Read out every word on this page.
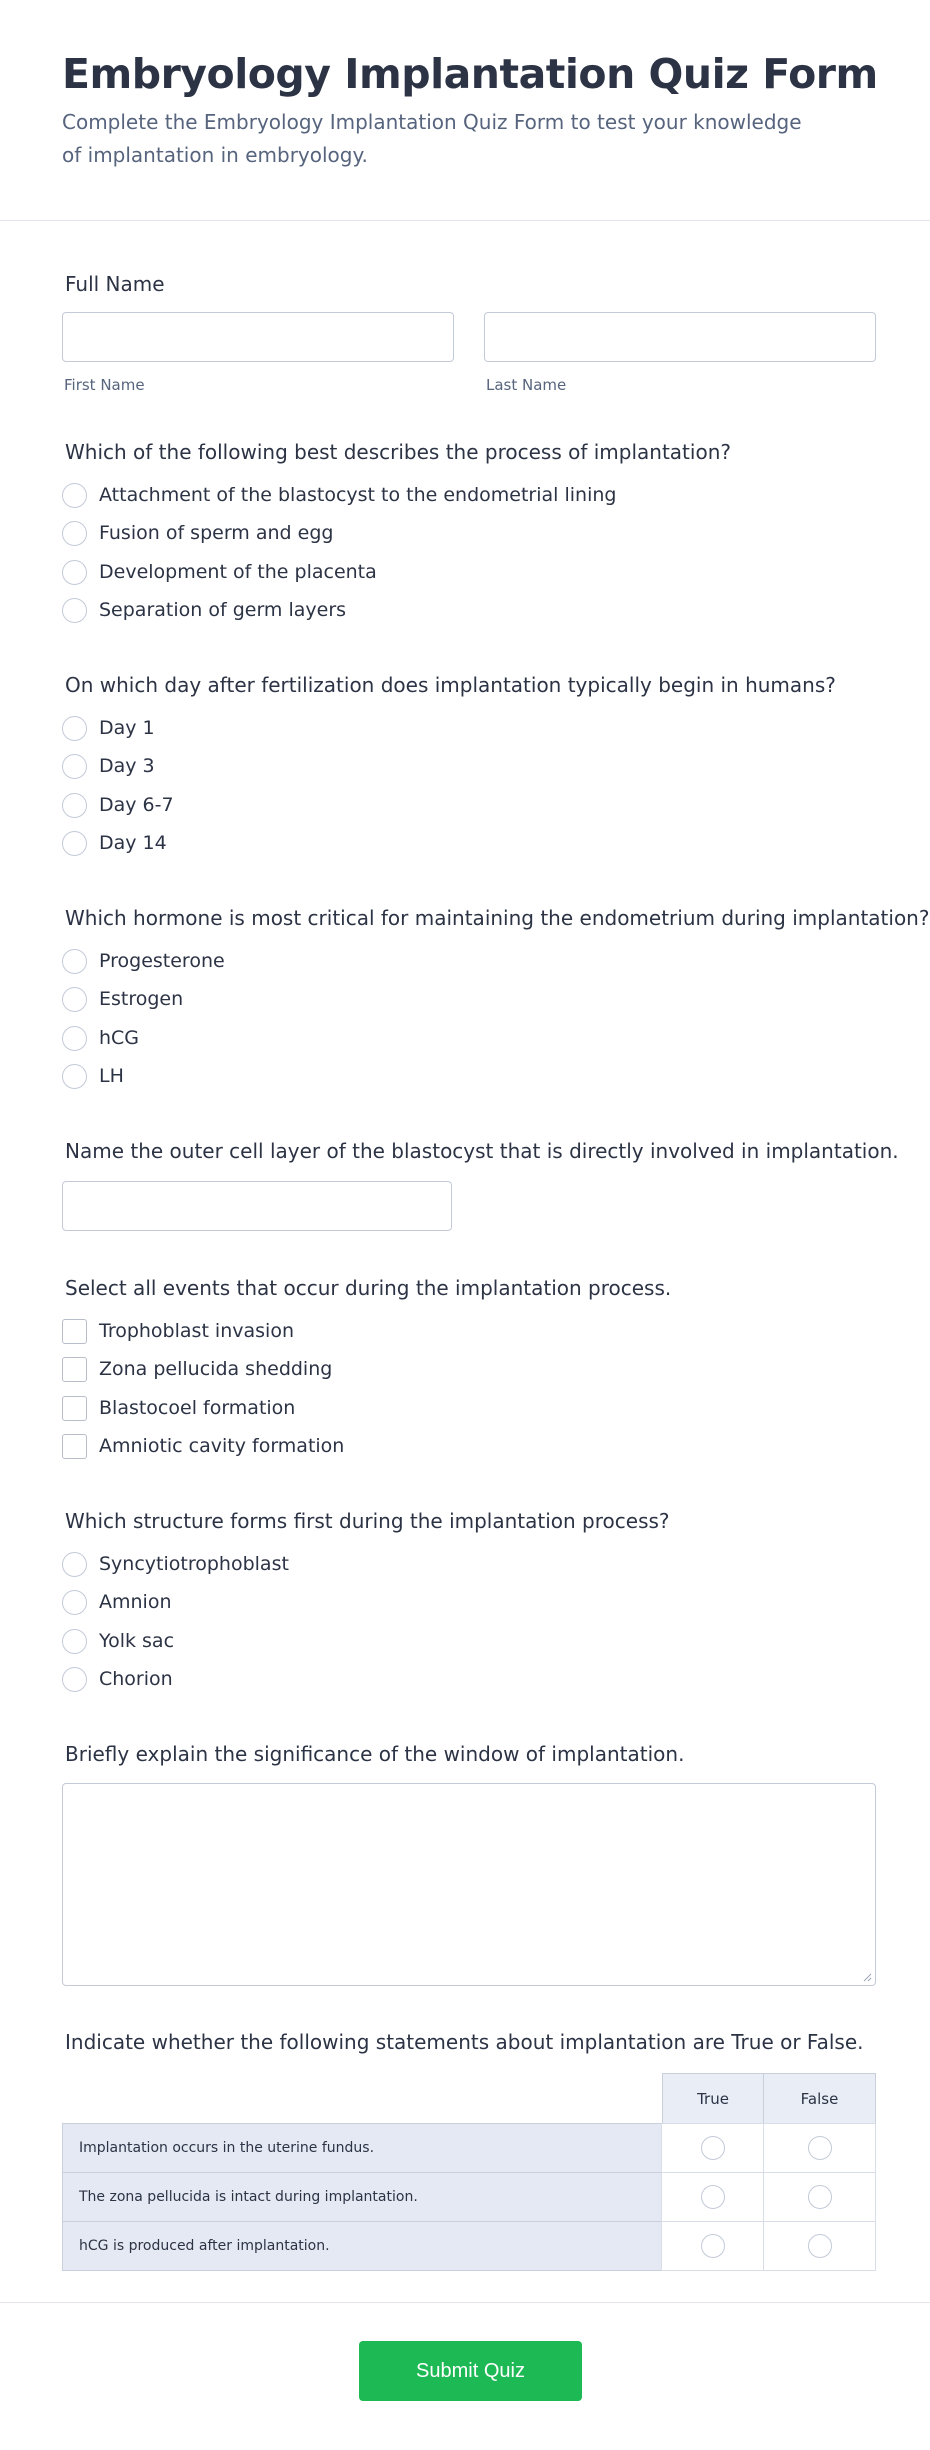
Embryology Implantation Quiz Form

Complete the Embryology Implantation Quiz Form to test your knowledge of implantation in embryology.

Full Name
First Name	Last Name
Which of the following best describes the process of implantation?
Attachment of the blastocyst to the endometrial lining
Fusion of sperm and egg
Development of the placenta
Separation of germ layers
On which day after fertilization does implantation typically begin in humans?
Day 1
Day 3
Day 6-7
Day 14
Which hormone is most critical for maintaining the endometrium during implantation?
Progesterone
Estrogen
hCG
LH
Name the outer cell layer of the blastocyst that is directly involved in implantation.
Select all events that occur during the implantation process.
Trophoblast invasion
Zona pellucida shedding
Blastocoel formation
Amniotic cavity formation
Which structure forms first during the implantation process?
Syncytiotrophoblast
Amnion
Yolk sac
Chorion
Briefly explain the significance of the window of implantation.
Indicate whether the following statements about implantation are True or False.
True	False
Implantation occurs in the uterine fundus.
The zona pellucida is intact during implantation.
hCG is produced after implantation.
Submit Quiz
